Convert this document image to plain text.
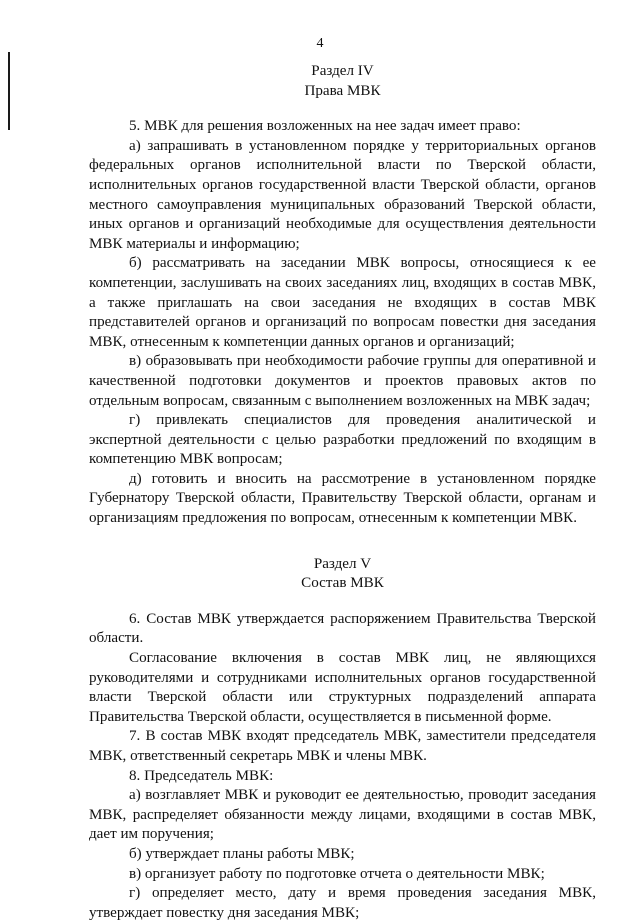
4

Раздел IV

Права МВК

5. МВК для решения возложенных на нее задач имеет право:

а) запрашивать в установленном порядке у территориальных органов федеральных органов исполнительной власти по Тверской области, исполнительных органов государственной власти Тверской области, органов местного самоуправления муниципальных образований Тверской области, иных органов и организаций необходимые для осуществления деятельности МВК материалы и информацию;

б) рассматривать на заседании МВК вопросы, относящиеся к ее компетенции, заслушивать на своих заседаниях лиц, входящих в состав МВК, а также приглашать на свои заседания не входящих в состав МВК представителей органов и организаций по вопросам повестки дня заседания МВК, отнесенным к компетенции данных органов и организаций;

в) образовывать при необходимости рабочие группы для оперативной и качественной подготовки документов и проектов правовых актов по отдельным вопросам, связанным с выполнением возложенных на МВК задач;

г) привлекать специалистов для проведения аналитической и экспертной деятельности с целью разработки предложений по входящим в компетенцию МВК вопросам;

д) готовить и вносить на рассмотрение в установленном порядке Губернатору Тверской области, Правительству Тверской области, органам и организациям предложения по вопросам, отнесенным к компетенции МВК.

Раздел V

Состав МВК

6. Состав МВК утверждается распоряжением Правительства Тверской области.

Согласование включения в состав МВК лиц, не являющихся руководителями и сотрудниками исполнительных органов государственной власти Тверской области или структурных подразделений аппарата Правительства Тверской области, осуществляется в письменной форме.

7. В состав МВК входят председатель МВК, заместители председателя МВК, ответственный секретарь МВК и члены МВК.

8. Председатель МВК:

а) возглавляет МВК и руководит ее деятельностью, проводит заседания МВК, распределяет обязанности между лицами, входящими в состав МВК, дает им поручения;

б) утверждает планы работы МВК;

в) организует работу по подготовке отчета о деятельности МВК;

г) определяет место, дату и время проведения заседания МВК, утверждает повестку дня заседания МВК;
